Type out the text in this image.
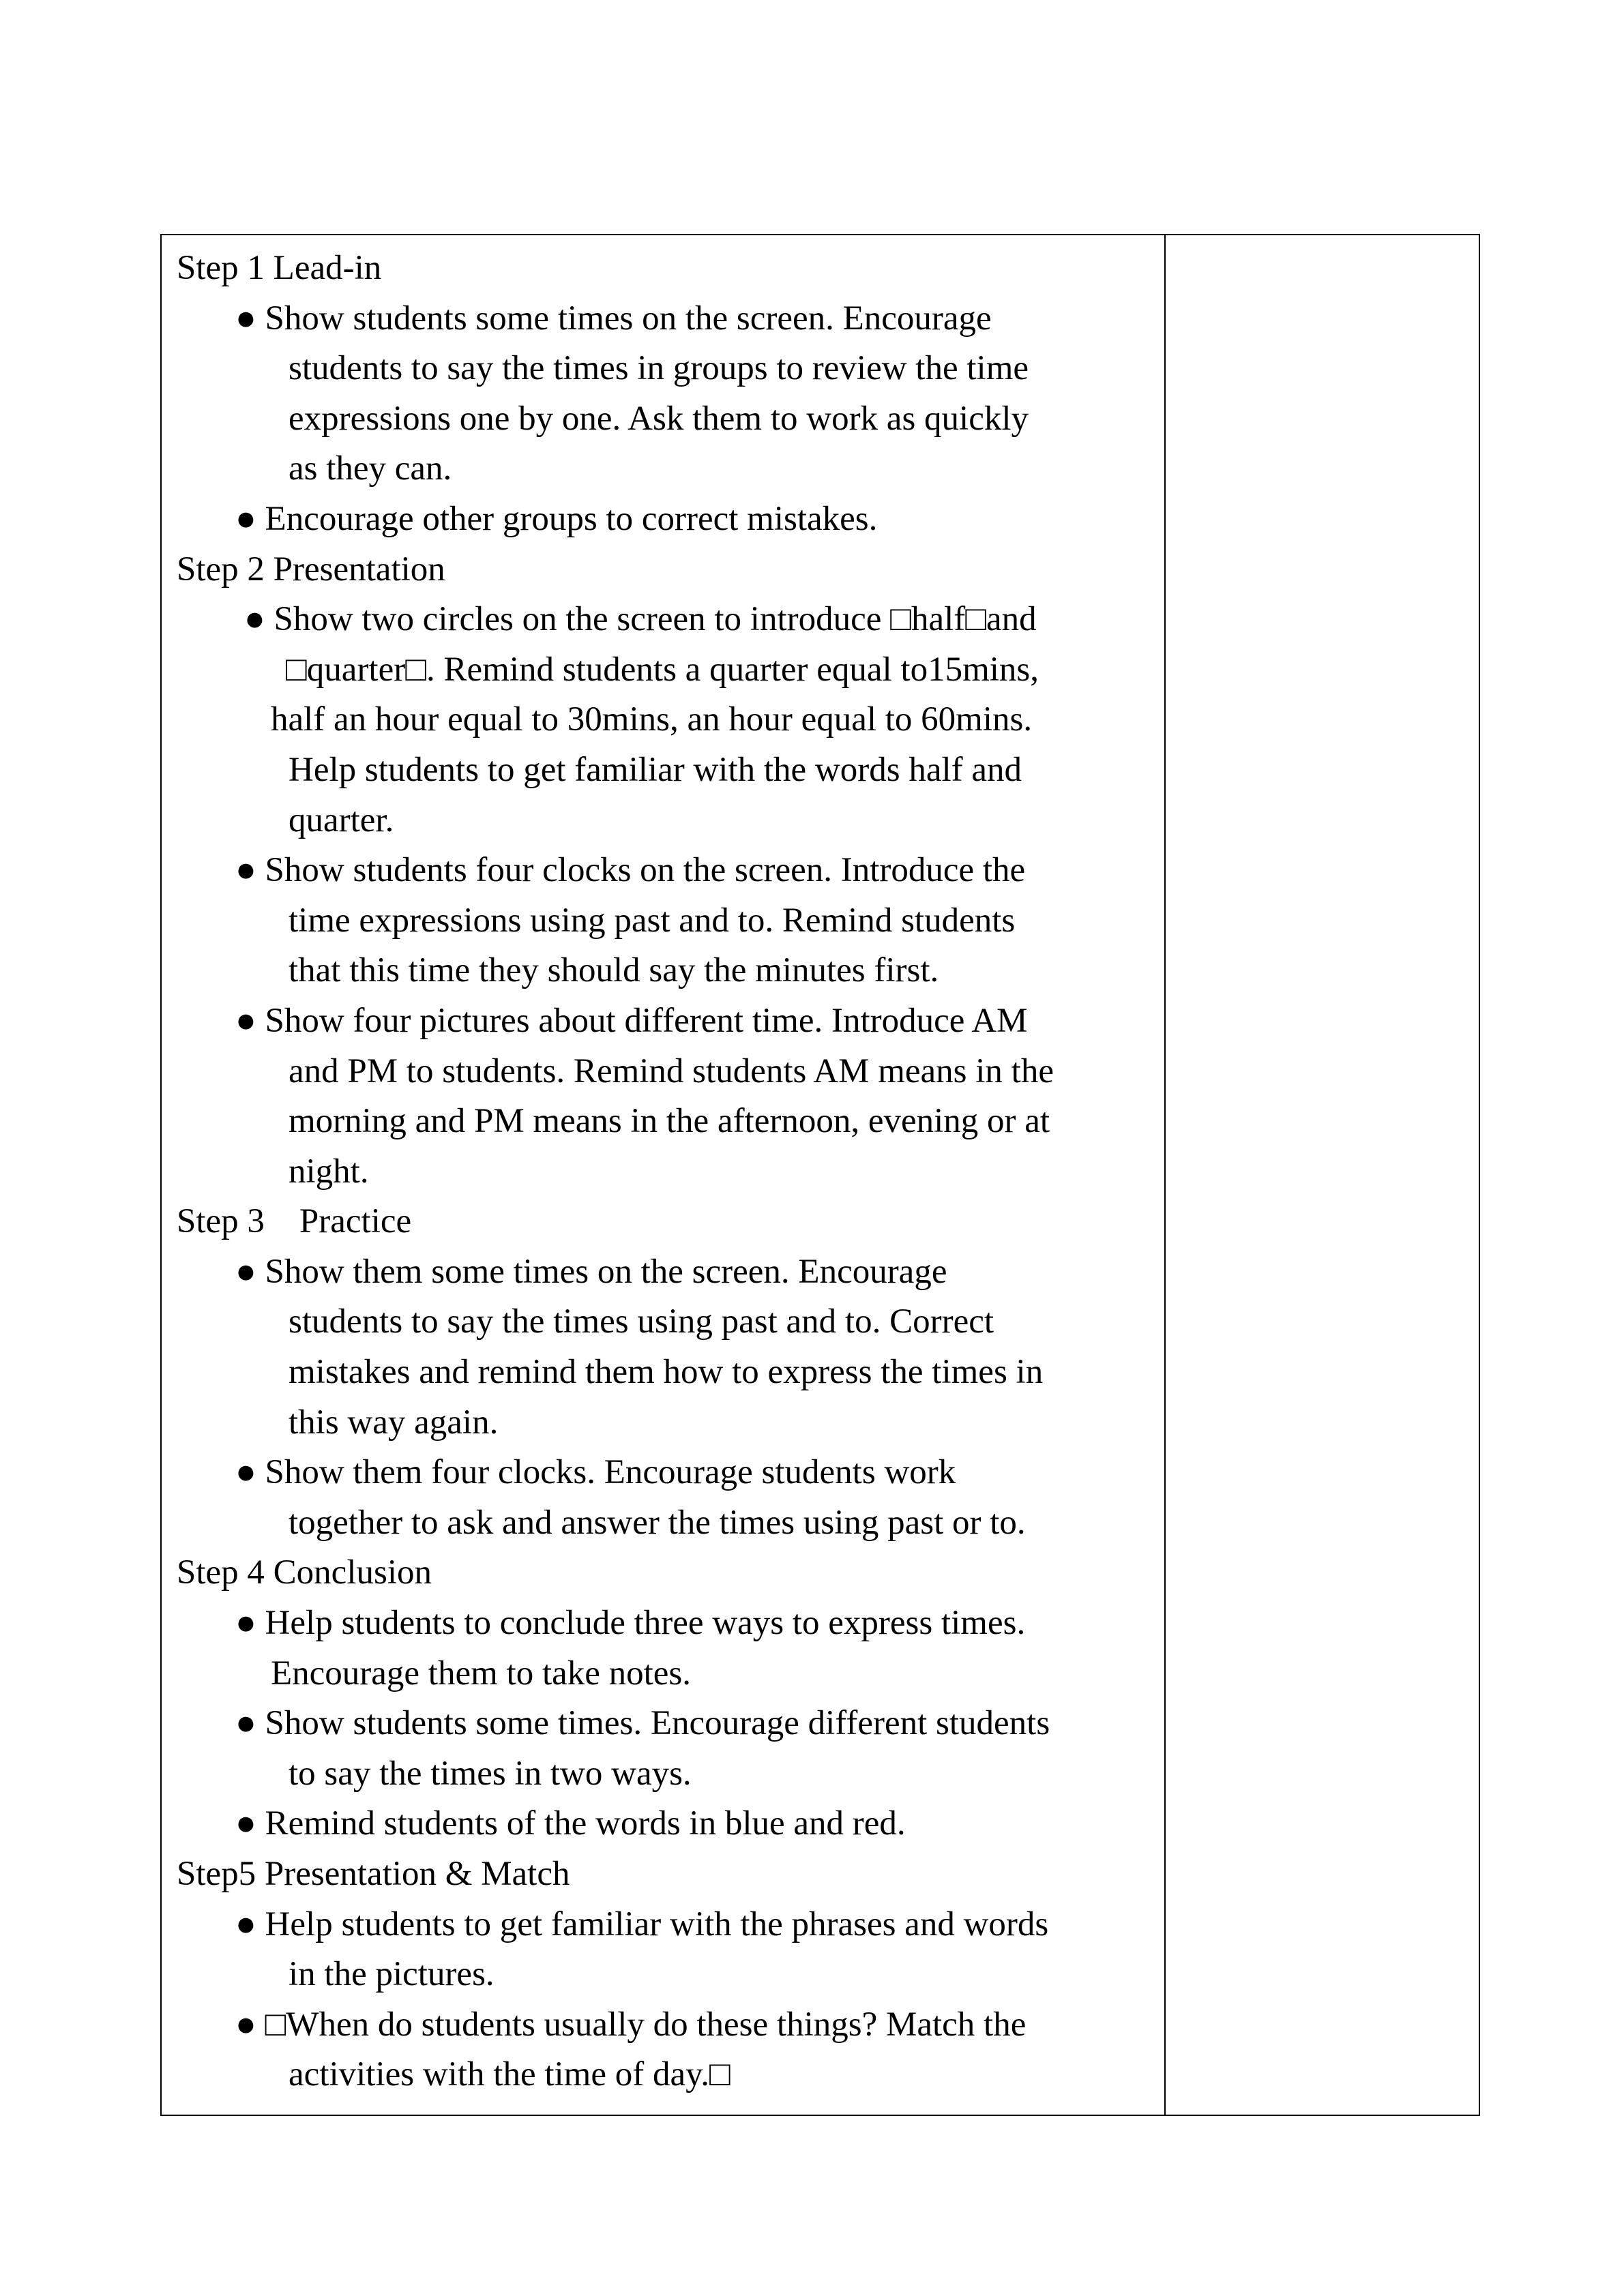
Step 1 Lead-in

● Show students some times on the screen. Encourage

students to say the times in groups to review the time

expressions one by one. Ask them to work as quickly

as they can.

● Encourage other groups to correct mistakes.

Step 2 Presentation

● Show two circles on the screen to introduce □half□and

□quarter□. Remind students a quarter equal to15mins,

half an hour equal to 30mins, an hour equal to 60mins.

Help students to get familiar with the words half and

quarter.

● Show students four clocks on the screen. Introduce the

time expressions using past and to. Remind students

that this time they should say the minutes first.

● Show four pictures about different time. Introduce AM

and PM to students. Remind students AM means in the

morning and PM means in the afternoon, evening or at

night.

Step 3    Practice

● Show them some times on the screen. Encourage

students to say the times using past and to. Correct

mistakes and remind them how to express the times in

this way again.

● Show them four clocks. Encourage students work

together to ask and answer the times using past or to.

Step 4 Conclusion

● Help students to conclude three ways to express times.

Encourage them to take notes.

● Show students some times. Encourage different students

to say the times in two ways.

● Remind students of the words in blue and red.

Step5 Presentation & Match

● Help students to get familiar with the phrases and words

in the pictures.

● □When do students usually do these things? Match the

activities with the time of day.□
